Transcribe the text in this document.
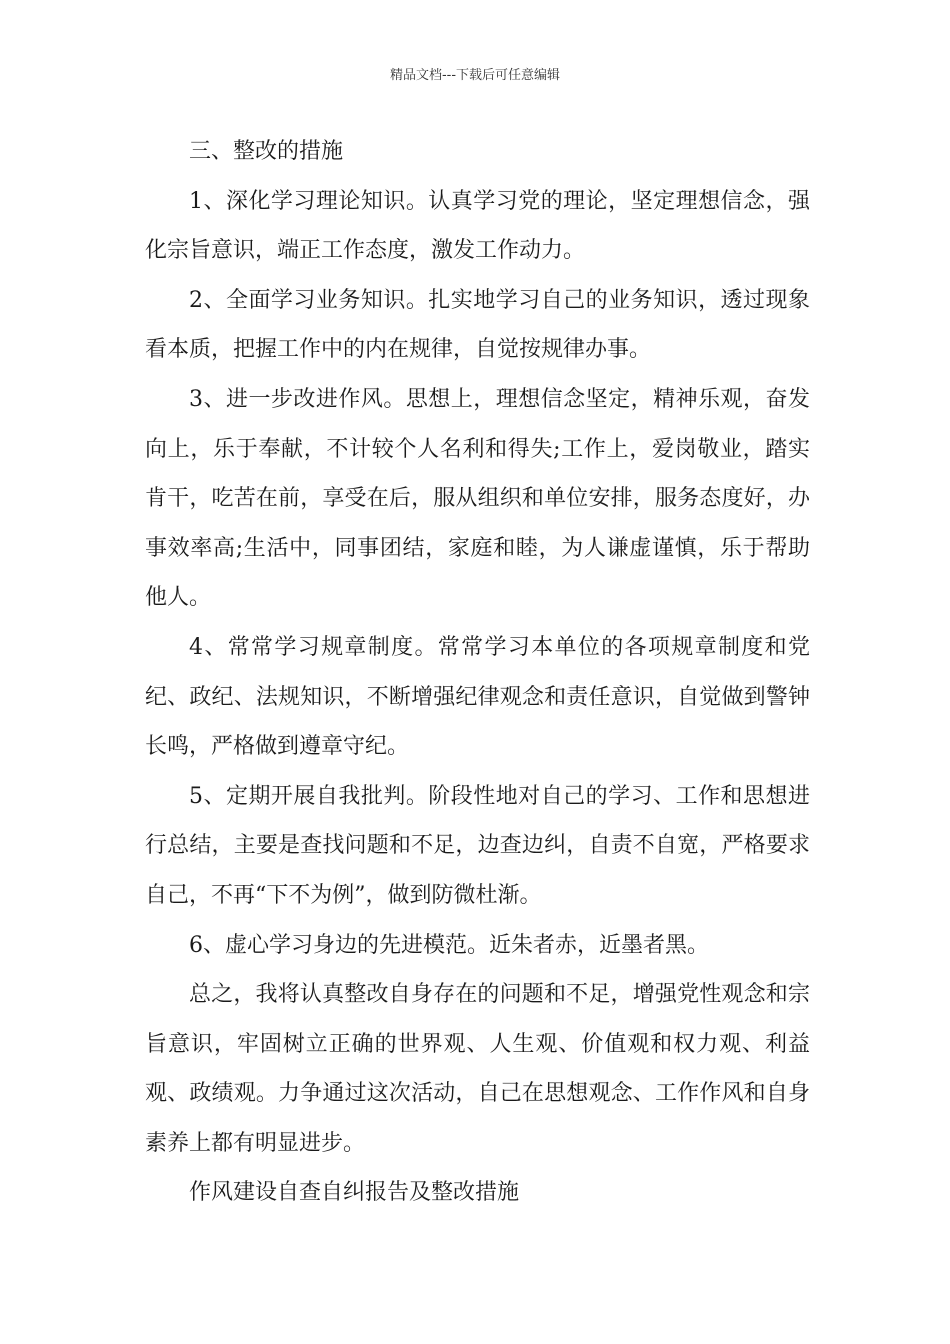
精品文档---下载后可任意编辑

三、整改的措施

1、深化学习理论知识。认真学习党的理论，坚定理想信念，强化宗旨意识，端正工作态度，激发工作动力。

2、全面学习业务知识。扎实地学习自己的业务知识，透过现象看本质，把握工作中的内在规律，自觉按规律办事。

3、进一步改进作风。思想上，理想信念坚定，精神乐观，奋发向上，乐于奉献，不计较个人名利和得失;工作上，爱岗敬业，踏实肯干，吃苦在前，享受在后，服从组织和单位安排，服务态度好，办事效率高;生活中，同事团结，家庭和睦，为人谦虚谨慎，乐于帮助他人。

4、常常学习规章制度。常常学习本单位的各项规章制度和党纪、政纪、法规知识，不断增强纪律观念和责任意识，自觉做到警钟长鸣，严格做到遵章守纪。

5、定期开展自我批判。阶段性地对自己的学习、工作和思想进行总结，主要是查找问题和不足，边查边纠，自责不自宽，严格要求自己，不再“下不为例”，做到防微杜渐。

6、虚心学习身边的先进模范。近朱者赤，近墨者黑。

总之，我将认真整改自身存在的问题和不足，增强党性观念和宗旨意识，牢固树立正确的世界观、人生观、价值观和权力观、利益观、政绩观。力争通过这次活动，自己在思想观念、工作作风和自身素养上都有明显进步。

作风建设自查自纠报告及整改措施
